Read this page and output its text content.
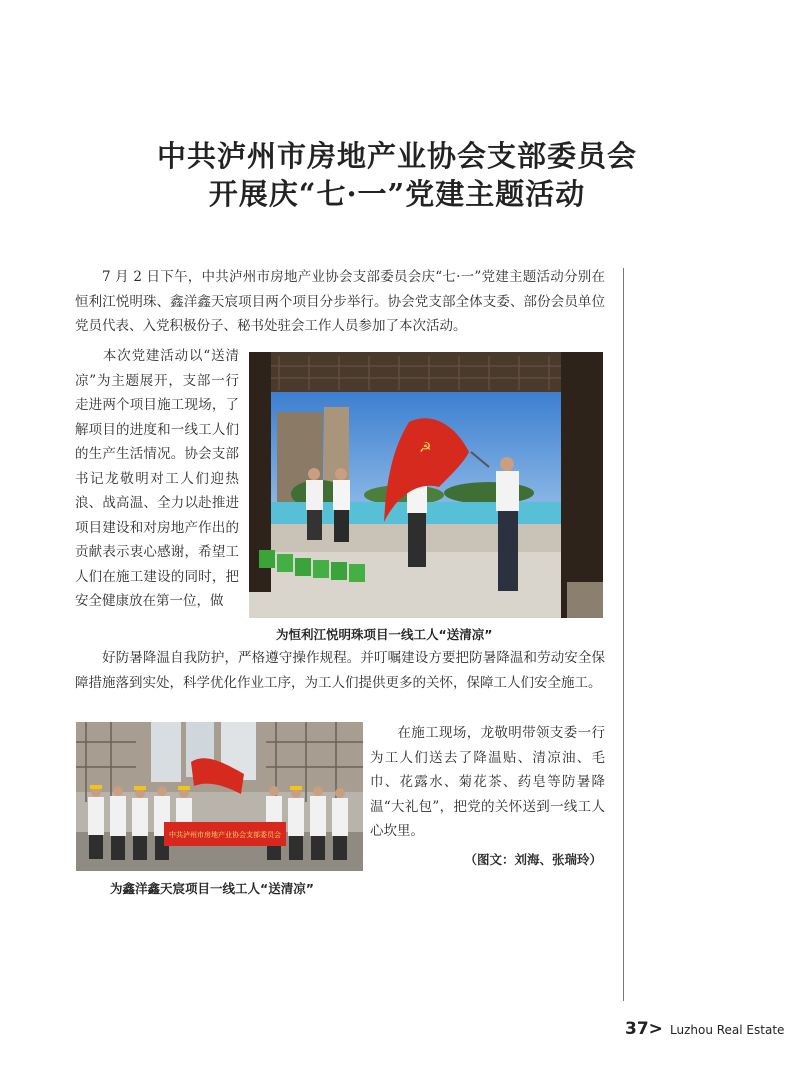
中共泸州市房地产业协会支部委员会
开展庆“七·一”党建主题活动

7 月 2 日下午，中共泸州市房地产业协会支部委员会庆“七·一”党建主题活动分别在恒利江悦明珠、鑫洋鑫天宸项目两个项目分步举行。协会党支部全体支委、部份会员单位党员代表、入党积极份子、秘书处驻会工作人员参加了本次活动。

本次党建活动以“送清凉”为主题展开，支部一行走进两个项目施工现场，了解项目的进度和一线工人们的生产生活情况。协会支部书记龙敬明对工人们迎热浪、战高温、全力以赴推进项目建设和对房地产作出的贡献表示衷心感谢，希望工人们在施工建设的同时，把安全健康放在第一位，做

好防暑降温自我防护，严格遵守操作规程。并叮嘱建设方要把防暑降温和劳动安全保障措施落到实处，科学优化作业工序，为工人们提供更多的关怀，保障工人们安全施工。

在施工现场，龙敬明带领支委一行为工人们送去了降温贴、清凉油、毛巾、花露水、菊花茶、药皂等防暑降温“大礼包”，把党的关怀送到一线工人心坎里。

（图文：刘海、张瑞玲）
☭
为恒利江悦明珠项目一线工人“送清凉”
中共泸州市房地产业协会支部委员会
为鑫洋鑫天宸项目一线工人“送清凉”
37> Luzhou Real Estate
